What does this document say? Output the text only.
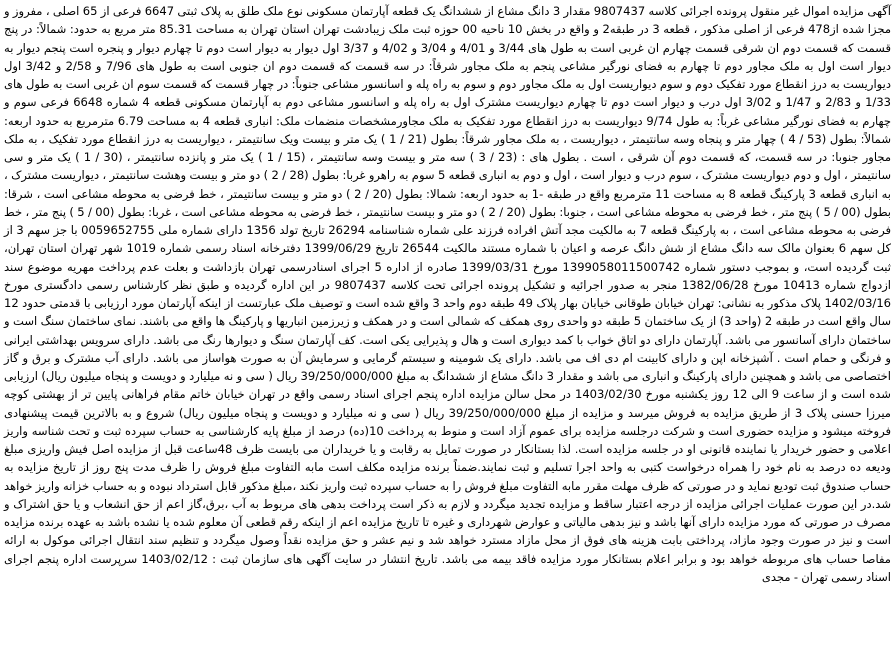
آگهی مزایده اموال غیر منقول پرونده اجرائی کلاسه 9807437 مقدار 3 دانگ مشاع از ششدانگ یک قطعه آپارتمان مسکونی نوع ملک طلق به پلاک ثبتی 6647 فرعی از 65 اصلی ، مفروز و مجزا شده از478 فرعی از اصلی مذکور ، قطعه 3 در طبقه2 و واقع در بخش 10 ناحیه 00 حوزه ثبت ملک زیبادشت تهران استان تهران به مساحت 85.31 متر مربع به حدود: شمالاً: در پنج قسمت که قسمت دوم ان شرقی قسمت چهارم ان غربی است به طول های 3/44 و 4/01 و 3/04 و 4/02 و 3/37 اول دیوار به دیوار است دوم تا چهارم دیوار و پنجره است پنجم دیوار به دیوار است اول به ملک مجاور دوم تا چهارم به فضای نورگیر مشاعی پنجم به ملک مجاور شرقاً: در سه قسمت که قسمت دوم ان جنوبی است به طول های 7/96 و 2/58 و 3/42 اول دیواریست به درز انقطاع مورد تفکیک دوم و سوم دیواریست اول به ملک مجاور دوم و سوم به راه پله و اسانسور مشاعی جنوباً: در چهار قسمت که قسمت سوم ان غربی است به طول های 1/33 و 2/83 و 1/47 و 3/02 اول درب و دیوار است دوم تا چهارم دیواریست مشترک اول به راه پله و اسانسور مشاعی دوم به آپارتمان مسکونی قطعه 4 شماره 6648 فرعی سوم و چهارم به فضای نورگیر مشاعی غرباً: به طول 9/74 دیواریست به درز انقطاع مورد تفکیک به ملک مجاورمشخصات منضمات ملک: انباری قطعه 4 به مساحت 6.79 مترمربع به حدود اربعه: شمالاً: بطول (53 / 4 ) چهار متر و پنجاه وسه سانتیمتر ، دیواریست ، به ملک مجاور شرقاً: بطول (21 / 1 ) یک متر و بیست ویک سانتیمتر ، دیواریست به درز انقطاع مورد تفکیک ، به ملک مجاور جنوبا: در سه قسمت، که قسمت دوم آن شرقی ، است . بطول های : (23 / 3 ) سه متر و بیست وسه سانتیمتر ، (15 / 1 ) یک متر و پانزده سانتیمتر ، (30 / 1 ) یک متر و سی سانتیمتر ، اول و دوم دیواریست مشترک ، سوم درب و دیوار است ، اول و دوم به انباری قطعه 5 سوم به راهرو غربا: بطول (28 / 2 ) دو متر و بیست وهشت سانتیمتر ، دیواریست مشترک ، به انباری قطعه 3 پارکینگ قطعه 8 به مساحت 11 مترمربع واقع در طبقه -1 به حدود اربعه: شمالا: بطول (20 / 2 ) دو متر و بیست سانتیمتر ، خط فرضی به محوطه مشاعی است ، شرقا: بطول (00 / 5 ) پنج متر ، خط فرضی به محوطه مشاعی است ، جنوبا: بطول (20 / 2 ) دو متر و بیست سانتیمتر ، خط فرضی به محوطه مشاعی است ، غربا: بطول (00 / 5 ) پنج متر ، خط فرضی به محوطه مشاعی است ، به پارکینگ قطعه 7 به مالکیت مجد آتش افراده فرزند علی شماره شناسنامه 26294 تاریخ تولد 1356 دارای شماره ملی 0059652755 با جز سهم 3 از کل سهم 6 بعنوان مالک سه دانگ مشاع از شش دانگ عرصه و اعیان با شماره مستند مالکیت 26544 تاریخ 1399/06/29 دفترخانه اسناد رسمی شماره 1019 شهر تهران استان تهران، ثبت گردیده است، و بموجب دستور شماره 139905801150074‌2 مورخ 1399/03/31 صادره از اداره 5 اجرای اسنادرسمی تهران بازداشت و بعلت عدم پرداخت مهریه موضوع سند ازدواج شماره 10413 مورخ 1382/06/28 منجر به صدور اجرائیه و تشکیل پرونده اجرائی تحت کلاسه 9807437 در این اداره گردیده و طبق نظر کارشناس رسمی دادگستری مورخ 1402/03/16 پلاک مذکور به نشانی: تهران خیابان طوقانی خیابان بهار پلاک 49 طبقه دوم واحد 3 واقع شده است و توصیف ملک عبارتست از اینکه آپارتمان مورد ارزیابی با قدمتی حدود 12 سال واقع است در طبقه 2 (واحد 3) از یک ساختمان 5 طبقه دو واحدی روی همکف که شمالی است و در همکف و زیرزمین انباریها و پارکینگ ها واقع می باشند. نمای ساختمان سنگ است و ساختمان دارای آسانسور می باشد. آپارتمان دارای دو اتاق خواب با کمد دیواری است و هال و پذیرایی یکی است. کف آپارتمان سنگ و دیوارها رنگ می باشد. دارای سرویس بهداشتی ایرانی و فرنگی و حمام است . آشپزخانه اپن و دارای کابینت ام دی اف می باشد. دارای یک شومینه و سیستم گرمایی و سرمایش آن به صورت هواساز می باشد. دارای آب مشترک و برق و گاز اختصاصی می باشد و همچنین دارای پارکینگ و انباری می باشد و مقدار 3 دانگ مشاع از ششدانگ به مبلغ 39/250/000/000 ریال ( سی و نه میلیارد و دویست و پنجاه میلیون ریال) ارزیابی شده است و از ساعت 9 الی 12 روز یکشنبه مورخ 1403/02/30 در محل سالن مزایده اداره پنجم اجرای اسناد رسمی واقع در تهران خیابان خاتم مقام فراهانی پایین تر از بهشتی کوچه میرزا حسنی پلاک 3 از طریق مزایده به فروش میرسد و مزایده از مبلغ 39/250/000/000 ریال ( سی و نه میلیارد و دویست و پنجاه میلیون ریال) شروع و به بالاترین قیمت پیشنهادی فروخته میشود و مزایده حضوری است و شرکت درجلسه مزایده برای عموم آزاد است و منوط به پرداخت 10(ده) درصد از مبلغ پایه کارشناسی به حساب سپرده ثبت و تحت شناسه واریز اعلامی و حضور خریدار یا نماینده قانونی او در جلسه مزایده است. لذا بستانکار در صورت تمایل به رقابت و یا خریداران می بایست ظرف 48ساعت قبل از مزایده اصل فیش واریزی مبلغ ودیعه ده درصد به نام خود را همراه درخواست کتبی به واحد اجرا تسلیم و ثبت نمایند.ضمناً برنده مزایده مکلف است مابه التفاوت مبلغ فروش را ظرف مدت پنج روز از تاریخ مزایده به حساب صندوق ثبت تودیع نماید و در صورتی که ظرف مهلت مقرر مابه التفاوت مبلغ فروش را به حساب سپرده ثبت واریز نکند ،مبلغ مذکور قابل استرداد نبوده و به حساب خزانه واریز خواهد شد.در این صورت عملیات اجرائی مزایده از درجه اعتبار ساقط و مزایده تجدید میگردد و لازم به ذکر است پرداخت بدهی های مربوط به آب ،برق،گاز اعم از حق انشعاب و یا حق اشتراک و مصرف در صورتی که مورد مزایده دارای آنها باشد و نیز بدهی مالیاتی و عوارض شهرداری و غیره تا تاریخ مزایده اعم از اینکه رقم قطعی آن معلوم شده یا نشده باشد به عهده برنده مزایده است و نیز در صورت وجود مازاد، پرداختی بابت هزینه های فوق از محل مازاد مسترد خواهد شد و نیم عشر و حق مزایده نقداً وصول میگردد و تنظیم سند انتقال اجرائی موکول به ارائه مفاصا حساب های مربوطه خواهد بود و برابر اعلام بستانکار مورد مزایده فاقد بیمه می باشد. تاریخ انتشار در سایت آگهی های سازمان ثبت : 1403/02/12 سرپرست اداره پنجم اجرای اسناد رسمی تهران - مجدی
